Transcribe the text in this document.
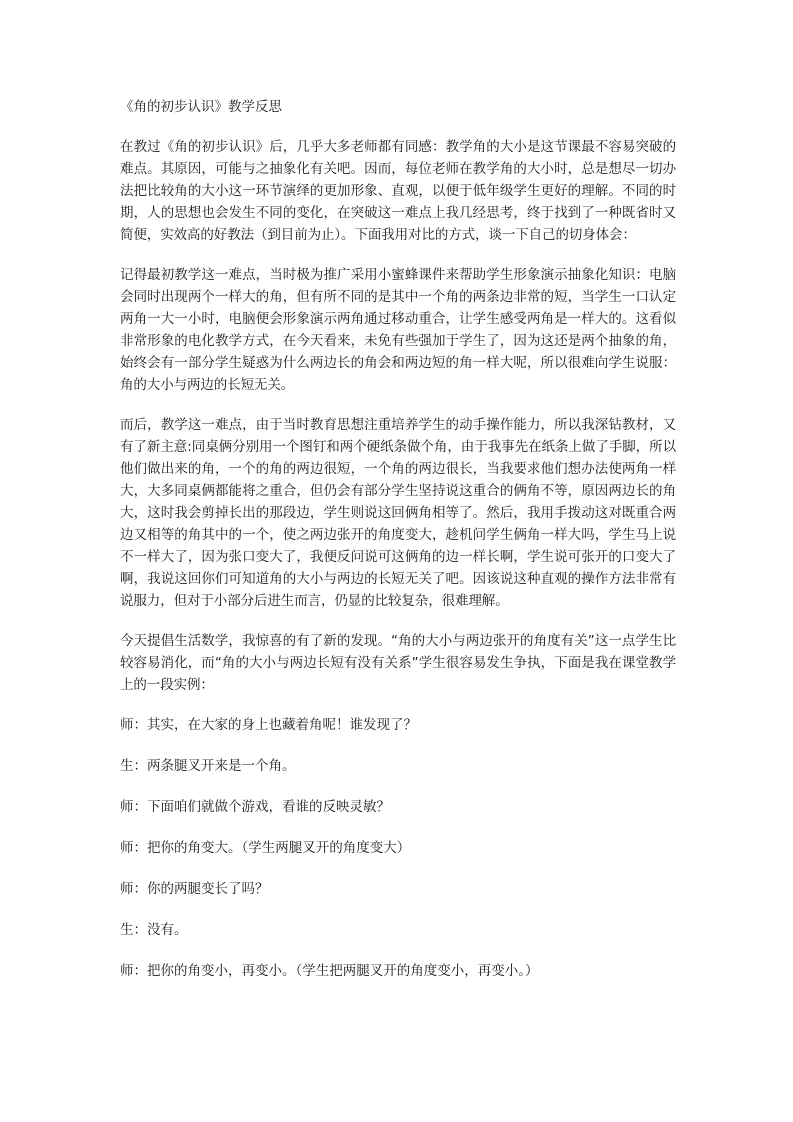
《角的初步认识》教学反思

在教过《角的初步认识》后，几乎大多老师都有同感：教学角的大小是这节课最不容易突破的难点。其原因，可能与之抽象化有关吧。因而，每位老师在教学角的大小时，总是想尽一切办法把比较角的大小这一环节演绎的更加形象、直观，以便于低年级学生更好的理解。不同的时期，人的思想也会发生不同的变化，在突破这一难点上我几经思考，终于找到了一种既省时又简便，实效高的好教法（到目前为止）。下面我用对比的方式，谈一下自己的切身体会：

记得最初教学这一难点，当时极为推广采用小蜜蜂课件来帮助学生形象演示抽象化知识：电脑会同时出现两个一样大的角，但有所不同的是其中一个角的两条边非常的短，当学生一口认定两角一大一小时，电脑便会形象演示两角通过移动重合，让学生感受两角是一样大的。这看似非常形象的电化教学方式，在今天看来，未免有些强加于学生了，因为这还是两个抽象的角，始终会有一部分学生疑惑为什么两边长的角会和两边短的角一样大呢，所以很难向学生说服：角的大小与两边的长短无关。

而后，教学这一难点，由于当时教育思想注重培养学生的动手操作能力，所以我深钻教材，又有了新主意:同桌俩分别用一个图钉和两个硬纸条做个角，由于我事先在纸条上做了手脚，所以他们做出来的角，一个的角的两边很短，一个角的两边很长，当我要求他们想办法使两角一样大，大多同桌俩都能将之重合，但仍会有部分学生坚持说这重合的俩角不等，原因两边长的角大，这时我会剪掉长出的那段边，学生则说这回俩角相等了。然后，我用手拨动这对既重合两边又相等的角其中的一个，使之两边张开的角度变大，趁机问学生俩角一样大吗，学生马上说不一样大了，因为张口变大了，我便反问说可这俩角的边一样长啊，学生说可张开的口变大了啊，我说这回你们可知道角的大小与两边的长短无关了吧。因该说这种直观的操作方法非常有说服力，但对于小部分后进生而言，仍显的比较复杂，很难理解。

今天提倡生活数学，我惊喜的有了新的发现。“角的大小与两边张开的角度有关”这一点学生比较容易消化，而“角的大小与两边长短有没有关系”学生很容易发生争执，下面是我在课堂教学上的一段实例：

师：其实，在大家的身上也藏着角呢！谁发现了？

生：两条腿叉开来是一个角。

师：下面咱们就做个游戏，看谁的反映灵敏？

师：把你的角变大。（学生两腿叉开的角度变大）

师：你的两腿变长了吗？

生：没有。

师：把你的角变小，再变小。（学生把两腿叉开的角度变小，再变小。）
